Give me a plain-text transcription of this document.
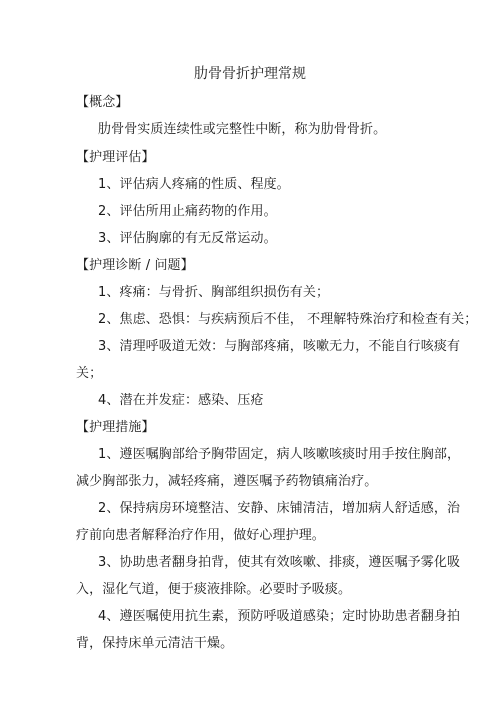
肋骨骨折护理常规
【概念】
肋骨骨实质连续性或完整性中断，称为肋骨骨折。
【护理评估】
1、评估病人疼痛的性质、程度。
2、评估所用止痛药物的作用。
3、评估胸廓的有无反常运动。
【护理诊断 / 问题】
1、疼痛：与骨折、胸部组织损伤有关；
2、焦虑、恐惧：与疾病预后不佳， 不理解特殊治疗和检查有关；
3、清理呼吸道无效：与胸部疼痛，咳嗽无力，不能自行咳痰有
关；
4、潜在并发症：感染、压疮
【护理措施】
1、遵医嘱胸部给予胸带固定，病人咳嗽咳痰时用手按住胸部，
减少胸部张力，减轻疼痛，遵医嘱予药物镇痛治疗。
2、保持病房环境整洁、安静、床铺清洁，增加病人舒适感，治
疗前向患者解释治疗作用，做好心理护理。
3、协助患者翻身拍背，使其有效咳嗽、排痰，遵医嘱予雾化吸
入，湿化气道，便于痰液排除。必要时予吸痰。
4、遵医嘱使用抗生素，预防呼吸道感染；定时协助患者翻身拍
背，保持床单元清洁干燥。
